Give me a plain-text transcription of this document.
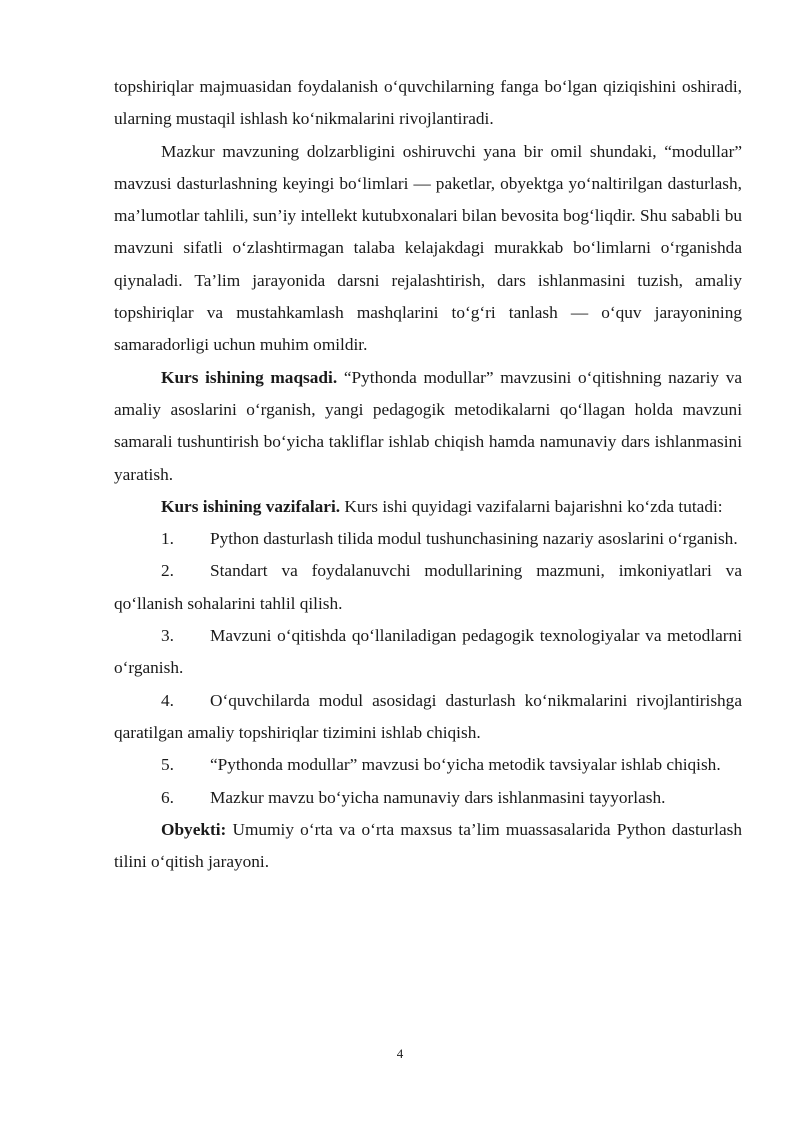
topshiriqlar majmuasidan foydalanish o‘quvchilarning fanga bo‘lgan qiziqishini oshiradi, ularning mustaqil ishlash ko‘nikmalarini rivojlantiradi.

Mazkur mavzuning dolzarbligini oshiruvchi yana bir omil shundaki, “modullar” mavzusi dasturlashning keyingi bo‘limlari — paketlar, obyektga yo‘naltirilgan dasturlash, ma’lumotlar tahlili, sun’iy intellekt kutubxonalari bilan bevosita bog‘liqdir. Shu sababli bu mavzuni sifatli o‘zlashtirmagan talaba kelajakdagi murakkab bo‘limlarni o‘rganishda qiynaladi. Ta’lim jarayonida darsni rejalashtirish, dars ishlanmasini tuzish, amaliy topshiriqlar va mustahkamlash mashqlarini to‘g‘ri tanlash — o‘quv jarayonining samaradorligi uchun muhim omildir.

Kurs ishining maqsadi. “Pythonda modullar” mavzusini o‘qitishning nazariy va amaliy asoslarini o‘rganish, yangi pedagogik metodikalarni qo‘llagan holda mavzuni samarali tushuntirish bo‘yicha takliflar ishlab chiqish hamda namunaviy dars ishlanmasini yaratish.

Kurs ishining vazifalari. Kurs ishi quyidagi vazifalarni bajarishni ko‘zda tutadi:

1. Python dasturlash tilida modul tushunchasining nazariy asoslarini o‘rganish.

2. Standart va foydalanuvchi modullarining mazmuni, imkoniyatlari va qo‘llanish sohalarini tahlil qilish.

3. Mavzuni o‘qitishda qo‘llaniladigan pedagogik texnologiyalar va metodlarni o‘rganish.

4. O‘quvchilarda modul asosidagi dasturlash ko‘nikmalarini rivojlantirishga qaratilgan amaliy topshiriqlar tizimini ishlab chiqish.

5. “Pythonda modullar” mavzusi bo‘yicha metodik tavsiyalar ishlab chiqish.

6. Mazkur mavzu bo‘yicha namunaviy dars ishlanmasini tayyorlash.

Obyekti: Umumiy o‘rta va o‘rta maxsus ta’lim muassasalarida Python dasturlash tilini o‘qitish jarayoni.

4
